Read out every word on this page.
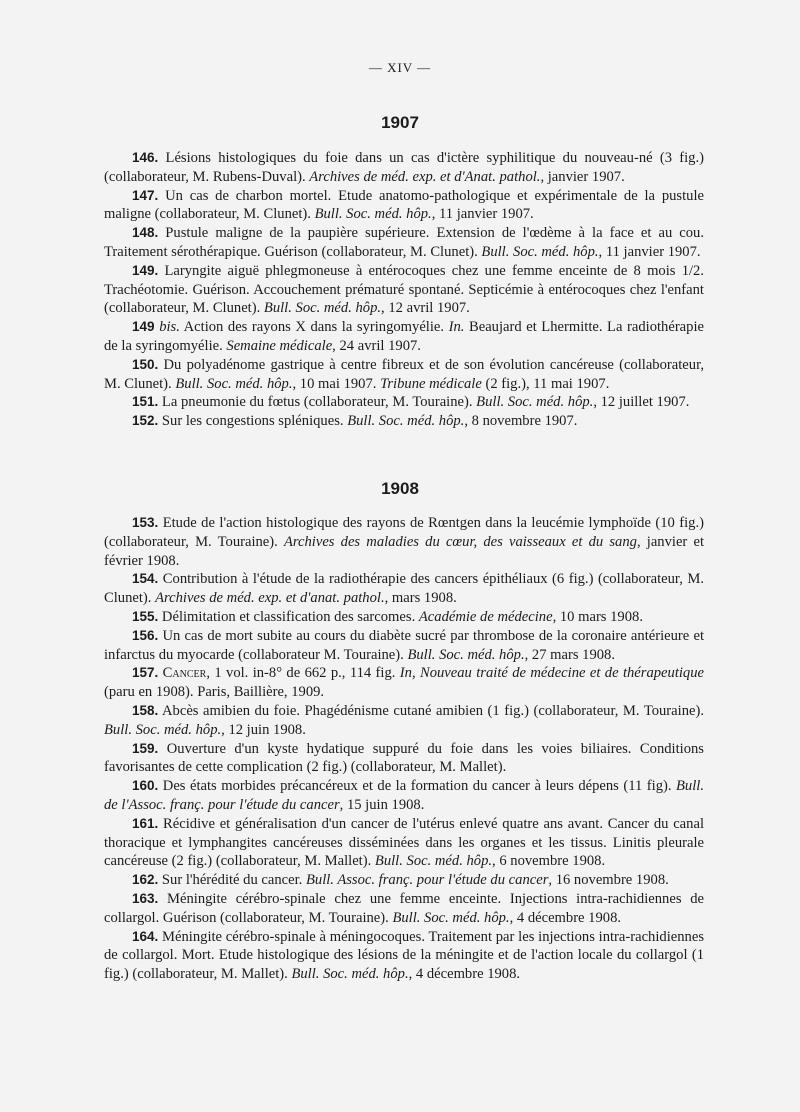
— XIV —
1907

146. Lésions histologiques du foie dans un cas d'ictère syphilitique du nouveau-né (3 fig.) (collaborateur, M. Rubens-Duval). Archives de méd. exp. et d'Anat. pathol., janvier 1907.

147. Un cas de charbon mortel. Etude anatomo-pathologique et expérimentale de la pustule maligne (collaborateur, M. Clunet). Bull. Soc. méd. hôp., 11 janvier 1907.

148. Pustule maligne de la paupière supérieure. Extension de l'œdème à la face et au cou. Traitement sérothérapique. Guérison (collaborateur, M. Clunet). Bull. Soc. méd. hôp., 11 janvier 1907.

149. Laryngite aiguë phlegmoneuse à entérocoques chez une femme enceinte de 8 mois 1/2. Trachéotomie. Guérison. Accouchement prématuré spontané. Septicémie à entérocoques chez l'enfant (collaborateur, M. Clunet). Bull. Soc. méd. hôp., 12 avril 1907.

149 bis. Action des rayons X dans la syringomyélie. In. Beaujard et Lhermitte. La radiothérapie de la syringomyélie. Semaine médicale, 24 avril 1907.

150. Du polyadénome gastrique à centre fibreux et de son évolution cancéreuse (collaborateur, M. Clunet). Bull. Soc. méd. hôp., 10 mai 1907. Tribune médicale (2 fig.), 11 mai 1907.

151. La pneumonie du fœtus (collaborateur, M. Touraine). Bull. Soc. méd. hôp., 12 juillet 1907.

152. Sur les congestions spléniques. Bull. Soc. méd. hôp., 8 novembre 1907.

1908

153. Etude de l'action histologique des rayons de Rœntgen dans la leucémie lymphoïde (10 fig.) (collaborateur, M. Touraine). Archives des maladies du cœur, des vaisseaux et du sang, janvier et février 1908.

154. Contribution à l'étude de la radiothérapie des cancers épithéliaux (6 fig.) (collaborateur, M. Clunet). Archives de méd. exp. et d'anat. pathol., mars 1908.

155. Délimitation et classification des sarcomes. Académie de médecine, 10 mars 1908.

156. Un cas de mort subite au cours du diabète sucré par thrombose de la coronaire antérieure et infarctus du myocarde (collaborateur M. Touraine). Bull. Soc. méd. hôp., 27 mars 1908.

157. Cancer, 1 vol. in-8° de 662 p., 114 fig. In, Nouveau traité de médecine et de thérapeutique (paru en 1908). Paris, Baillière, 1909.

158. Abcès amibien du foie. Phagédénisme cutané amibien (1 fig.) (collaborateur, M. Touraine). Bull. Soc. méd. hôp., 12 juin 1908.

159. Ouverture d'un kyste hydatique suppuré du foie dans les voies biliaires. Conditions favorisantes de cette complication (2 fig.) (collaborateur, M. Mallet).

160. Des états morbides précancéreux et de la formation du cancer à leurs dépens (11 fig). Bull. de l'Assoc. franç. pour l'étude du cancer, 15 juin 1908.

161. Récidive et généralisation d'un cancer de l'utérus enlevé quatre ans avant. Cancer du canal thoracique et lymphangites cancéreuses disséminées dans les organes et les tissus. Linitis pleurale cancéreuse (2 fig.) (collaborateur, M. Mallet). Bull. Soc. méd. hôp., 6 novembre 1908.

162. Sur l'hérédité du cancer. Bull. Assoc. franç. pour l'étude du cancer, 16 novembre 1908.

163. Méningite cérébro-spinale chez une femme enceinte. Injections intra-rachidiennes de collargol. Guérison (collaborateur, M. Touraine). Bull. Soc. méd. hôp., 4 décembre 1908.

164. Méningite cérébro-spinale à méningocoques. Traitement par les injections intra-rachidiennes de collargol. Mort. Etude histologique des lésions de la méningite et de l'action locale du collargol (1 fig.) (collaborateur, M. Mallet). Bull. Soc. méd. hôp., 4 décembre 1908.
